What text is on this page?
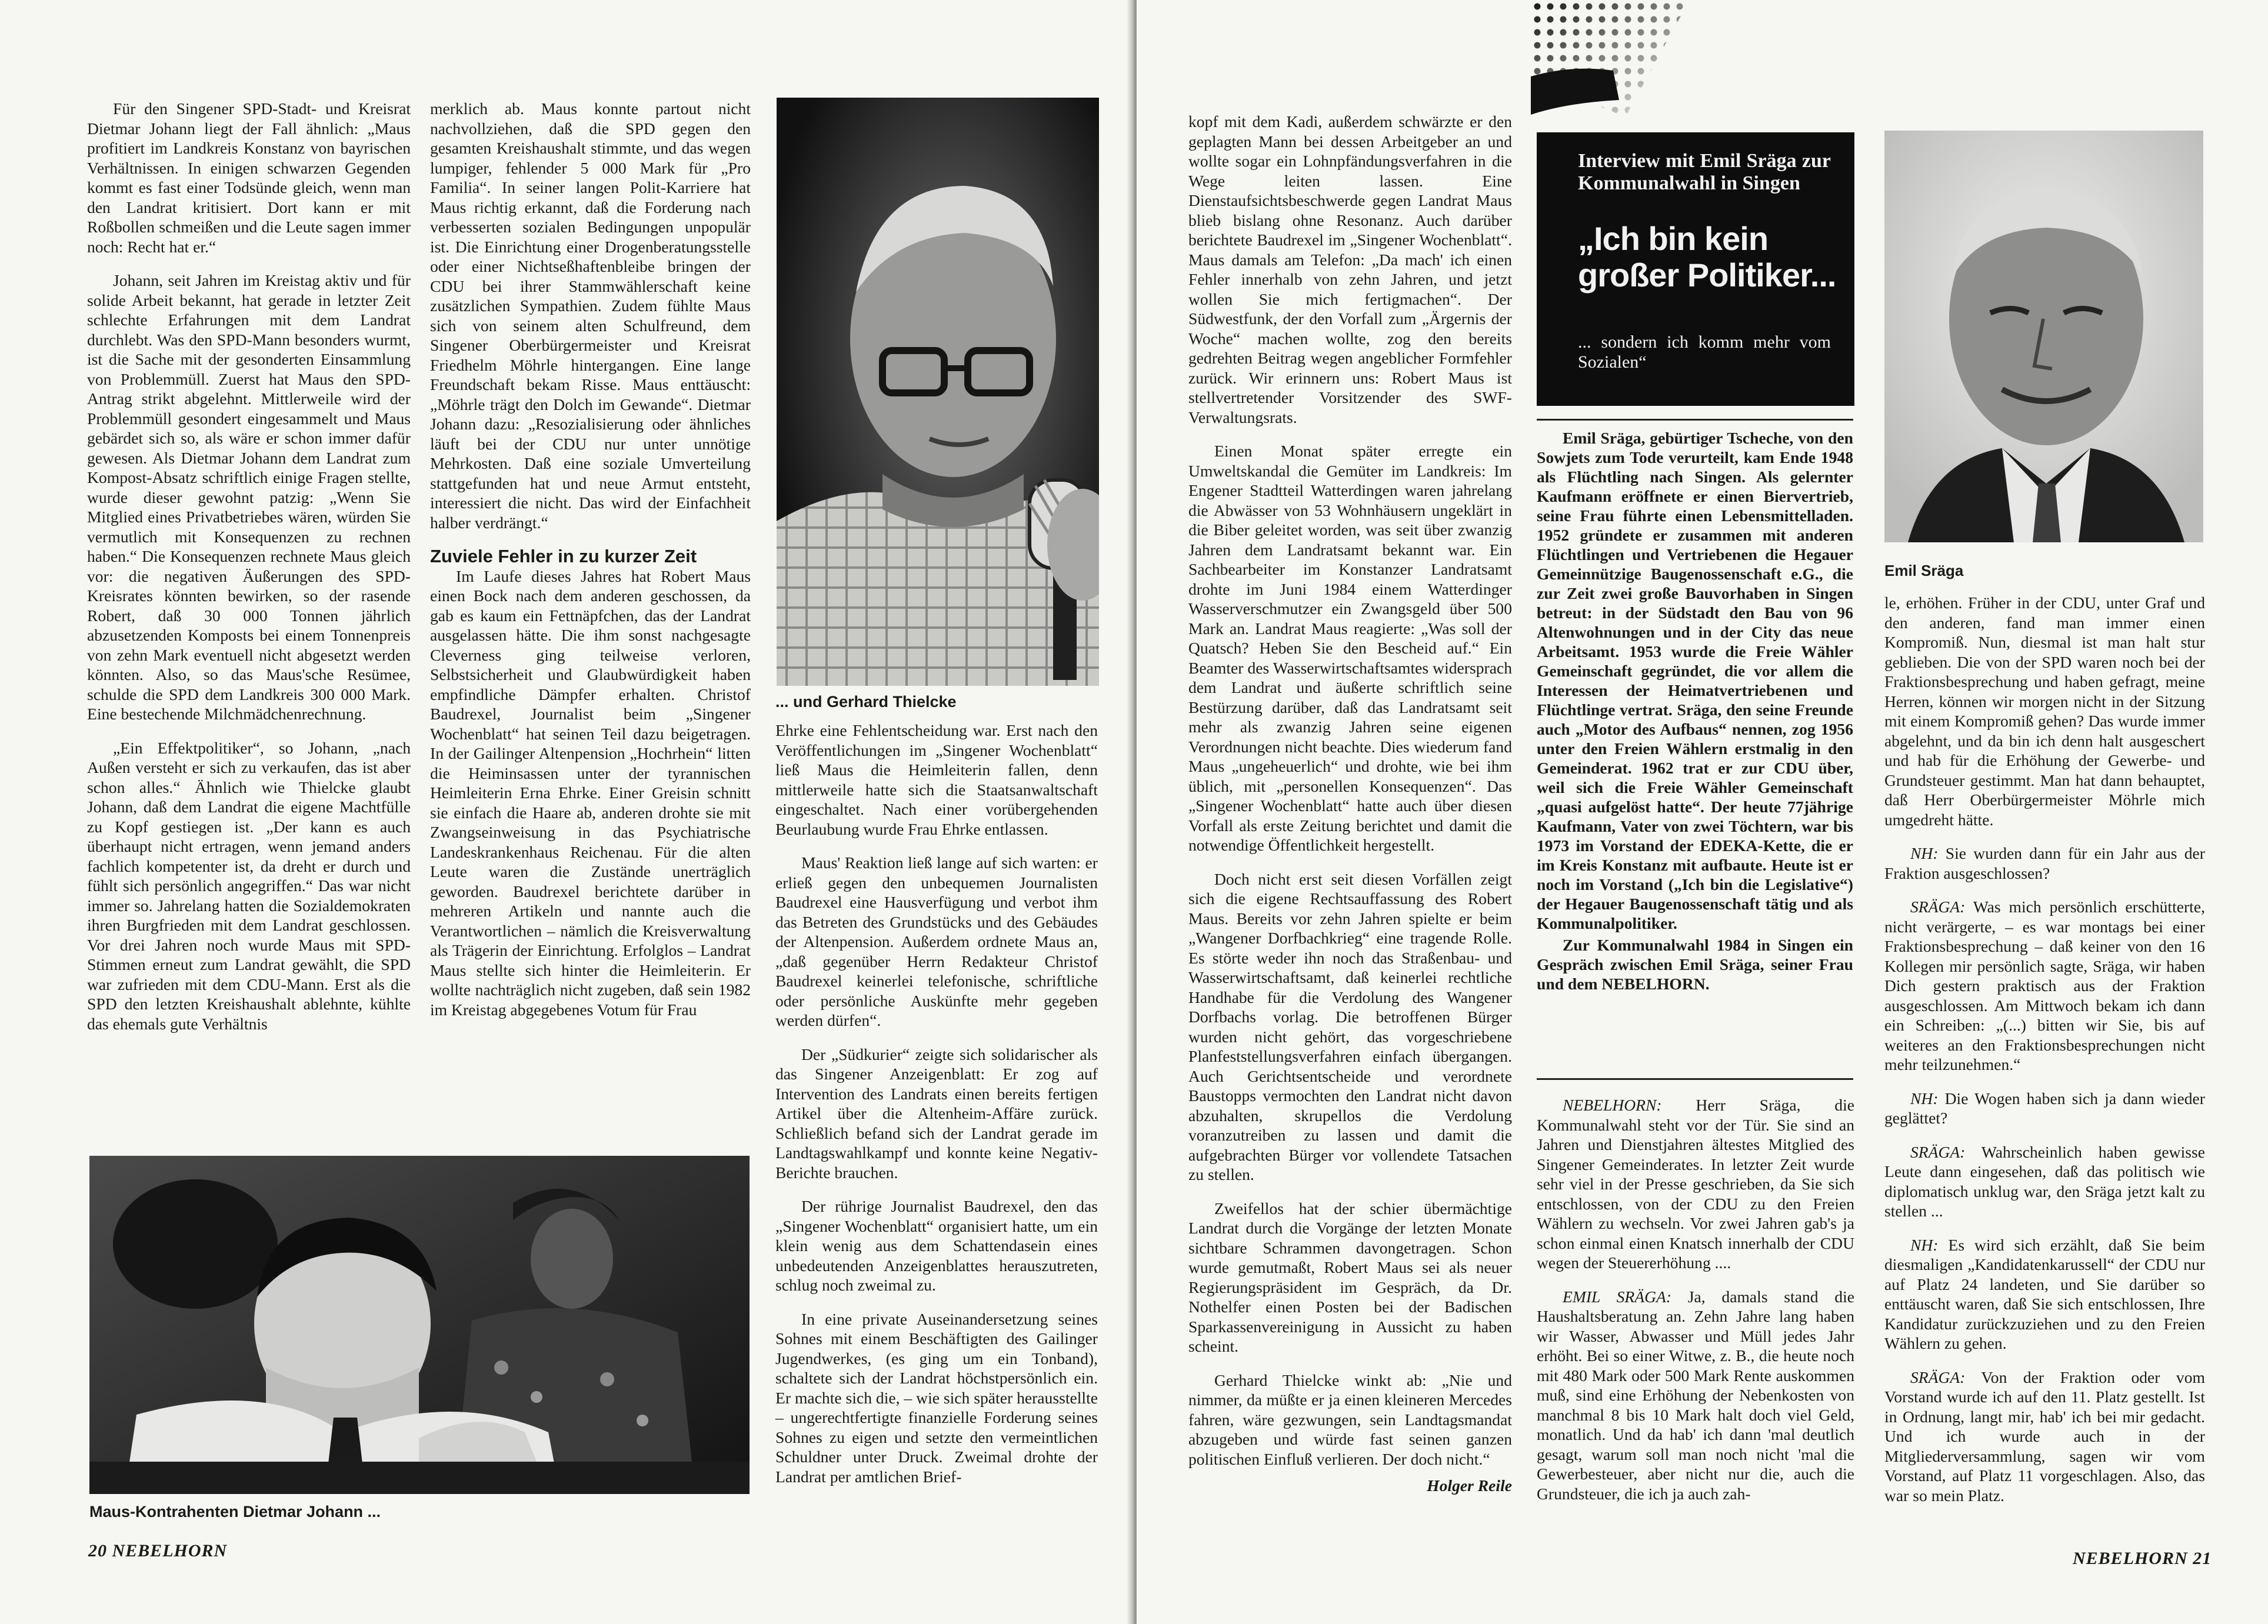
Für den Singener SPD-Stadt- und Kreisrat Dietmar Johann liegt der Fall ähnlich: „Maus profitiert im Landkreis Konstanz von bayrischen Verhältnissen. In einigen schwarzen Gegenden kommt es fast einer Todsünde gleich, wenn man den Landrat kritisiert. Dort kann er mit Roßbollen schmeißen und die Leute sagen immer noch: Recht hat er.“

Johann, seit Jahren im Kreistag aktiv und für solide Arbeit bekannt, hat gerade in letzter Zeit schlechte Erfahrungen mit dem Landrat durchlebt. Was den SPD-Mann besonders wurmt, ist die Sache mit der gesonderten Einsammlung von Problemmüll. Zuerst hat Maus den SPD-Antrag strikt abgelehnt. Mittlerweile wird der Problemmüll gesondert eingesammelt und Maus gebärdet sich so, als wäre er schon immer dafür gewesen. Als Dietmar Johann dem Landrat zum Kompost-Absatz schriftlich einige Fragen stellte, wurde dieser gewohnt patzig: „Wenn Sie Mitglied eines Privatbetriebes wären, würden Sie vermutlich mit Konsequenzen zu rechnen haben.“ Die Konsequenzen rechnete Maus gleich vor: die negativen Äußerungen des SPD-Kreisrates könnten bewirken, so der rasende Robert, daß 30 000 Tonnen jährlich abzusetzenden Komposts bei einem Tonnenpreis von zehn Mark eventuell nicht abgesetzt werden könnten. Also, so das Maus'sche Resümee, schulde die SPD dem Landkreis 300 000 Mark. Eine bestechende Milchmädchenrechnung.

„Ein Effektpolitiker“, so Johann, „nach Außen versteht er sich zu verkaufen, das ist aber schon alles.“ Ähnlich wie Thielcke glaubt Johann, daß dem Landrat die eigene Machtfülle zu Kopf gestiegen ist. „Der kann es auch überhaupt nicht ertragen, wenn jemand anders fachlich kompetenter ist, da dreht er durch und fühlt sich persönlich angegriffen.“ Das war nicht immer so. Jahrelang hatten die Sozialdemokraten ihren Burgfrieden mit dem Landrat geschlossen. Vor drei Jahren noch wurde Maus mit SPD-Stimmen erneut zum Landrat gewählt, die SPD war zufrieden mit dem CDU-Mann. Erst als die SPD den letzten Kreishaushalt ablehnte, kühlte das ehemals gute Verhältnis

merklich ab. Maus konnte partout nicht nachvollziehen, daß die SPD gegen den gesamten Kreishaushalt stimmte, und das wegen lumpiger, fehlender 5 000 Mark für „Pro Familia“. In seiner langen Polit-Karriere hat Maus richtig erkannt, daß die Forderung nach verbesserten sozialen Bedingungen unpopulär ist. Die Einrichtung einer Drogenberatungsstelle oder einer Nichtseßhaftenbleibe bringen der CDU bei ihrer Stammwählerschaft keine zusätzlichen Sympathien. Zudem fühlte Maus sich von seinem alten Schulfreund, dem Singener Oberbürgermeister und Kreisrat Friedhelm Möhrle hintergangen. Eine lange Freundschaft bekam Risse. Maus enttäuscht: „Möhrle trägt den Dolch im Gewande“. Dietmar Johann dazu: „Resozialisierung oder ähnliches läuft bei der CDU nur unter unnötige Mehrkosten. Daß eine soziale Umverteilung stattgefunden hat und neue Armut entsteht, interessiert die nicht. Das wird der Einfachheit halber verdrängt.“

Zuviele Fehler in zu kurzer Zeit

Im Laufe dieses Jahres hat Robert Maus einen Bock nach dem anderen geschossen, da gab es kaum ein Fettnäpfchen, das der Landrat ausgelassen hätte. Die ihm sonst nachgesagte Cleverness ging teilweise verloren, Selbstsicherheit und Glaubwürdigkeit haben empfindliche Dämpfer erhalten. Christof Baudrexel, Journalist beim „Singener Wochenblatt“ hat seinen Teil dazu beigetragen. In der Gailinger Altenpension „Hochrhein“ litten die Heiminsassen unter der tyrannischen Heimleiterin Erna Ehrke. Einer Greisin schnitt sie einfach die Haare ab, anderen drohte sie mit Zwangseinweisung in das Psychiatrische Landeskrankenhaus Reichenau. Für die alten Leute waren die Zustände unerträglich geworden. Baudrexel berichtete darüber in mehreren Artikeln und nannte auch die Verantwortlichen – nämlich die Kreisverwaltung als Trägerin der Einrichtung. Erfolglos – Landrat Maus stellte sich hinter die Heimleiterin. Er wollte nachträglich nicht zugeben, daß sein 1982 im Kreistag abgegebenes Votum für Frau

Ehrke eine Fehlentscheidung war. Erst nach den Veröffentlichungen im „Singener Wochenblatt“ ließ Maus die Heimleiterin fallen, denn mittlerweile hatte sich die Staatsanwaltschaft eingeschaltet. Nach einer vorübergehenden Beurlaubung wurde Frau Ehrke entlassen.

Maus' Reaktion ließ lange auf sich warten: er erließ gegen den unbequemen Journalisten Baudrexel eine Hausverfügung und verbot ihm das Betreten des Grundstücks und des Gebäudes der Altenpension. Außerdem ordnete Maus an, „daß gegenüber Herrn Redakteur Christof Baudrexel keinerlei telefonische, schriftliche oder persönliche Auskünfte mehr gegeben werden dürfen“.

Der „Südkurier“ zeigte sich solidarischer als das Singener Anzeigenblatt: Er zog auf Intervention des Landrats einen bereits fertigen Artikel über die Altenheim-Affäre zurück. Schließlich befand sich der Landrat gerade im Landtagswahlkampf und konnte keine Negativ-Berichte brauchen.

Der rührige Journalist Baudrexel, den das „Singener Wochenblatt“ organisiert hatte, um ein klein wenig aus dem Schattendasein eines unbedeutenden Anzeigenblattes herauszutreten, schlug noch zweimal zu.

In eine private Auseinandersetzung seines Sohnes mit einem Beschäftigten des Gailinger Jugendwerkes, (es ging um ein Tonband), schaltete sich der Landrat höchstpersönlich ein. Er machte sich die, – wie sich später herausstellte – ungerechtfertigte finanzielle Forderung seines Sohnes zu eigen und setzte den vermeintlichen Schuldner unter Druck. Zweimal drohte der Landrat per amtlichen Brief-

... und Gerhard Thielcke
Maus-Kontrahenten Dietmar Johann ...
20 NEBELHORN

kopf mit dem Kadi, außerdem schwärzte er den geplagten Mann bei dessen Arbeitgeber an und wollte sogar ein Lohnpfändungsverfahren in die Wege leiten lassen. Eine Dienstaufsichtsbeschwerde gegen Landrat Maus blieb bislang ohne Resonanz. Auch darüber berichtete Baudrexel im „Singener Wochenblatt“. Maus damals am Telefon: „Da mach' ich einen Fehler innerhalb von zehn Jahren, und jetzt wollen Sie mich fertigmachen“. Der Südwestfunk, der den Vorfall zum „Ärgernis der Woche“ machen wollte, zog den bereits gedrehten Beitrag wegen angeblicher Formfehler zurück. Wir erinnern uns: Robert Maus ist stellvertretender Vorsitzender des SWF-Verwaltungsrats.

Einen Monat später erregte ein Umweltskandal die Gemüter im Landkreis: Im Engener Stadtteil Watterdingen waren jahrelang die Abwässer von 53 Wohnhäusern ungeklärt in die Biber geleitet worden, was seit über zwanzig Jahren dem Landratsamt bekannt war. Ein Sachbearbeiter im Konstanzer Landratsamt drohte im Juni 1984 einem Watterdinger Wasserverschmutzer ein Zwangsgeld über 500 Mark an. Landrat Maus reagierte: „Was soll der Quatsch? Heben Sie den Bescheid auf.“ Ein Beamter des Wasserwirtschaftsamtes widersprach dem Landrat und äußerte schriftlich seine Bestürzung darüber, daß das Landratsamt seit mehr als zwanzig Jahren seine eigenen Verordnungen nicht beachte. Dies wiederum fand Maus „ungeheuerlich“ und drohte, wie bei ihm üblich, mit „personellen Konsequenzen“. Das „Singener Wochenblatt“ hatte auch über diesen Vorfall als erste Zeitung berichtet und damit die notwendige Öffentlichkeit hergestellt.

Doch nicht erst seit diesen Vorfällen zeigt sich die eigene Rechtsauffassung des Robert Maus. Bereits vor zehn Jahren spielte er beim „Wangener Dorfbachkrieg“ eine tragende Rolle. Es störte weder ihn noch das Straßenbau- und Wasserwirtschaftsamt, daß keinerlei rechtliche Handhabe für die Verdolung des Wangener Dorfbachs vorlag. Die betroffenen Bürger wurden nicht gehört, das vorgeschriebene Planfeststellungsverfahren einfach übergangen. Auch Gerichtsentscheide und verordnete Baustopps vermochten den Landrat nicht davon abzuhalten, skrupellos die Verdolung voranzutreiben zu lassen und damit die aufgebrachten Bürger vor vollendete Tatsachen zu stellen.

Zweifellos hat der schier übermächtige Landrat durch die Vorgänge der letzten Monate sichtbare Schrammen davongetragen. Schon wurde gemutmaßt, Robert Maus sei als neuer Regierungspräsident im Gespräch, da Dr. Nothelfer einen Posten bei der Badischen Sparkassenvereinigung in Aussicht zu haben scheint.

Gerhard Thielcke winkt ab: „Nie und nimmer, da müßte er ja einen kleineren Mercedes fahren, wäre gezwungen, sein Landtagsmandat abzugeben und würde fast seinen ganzen politischen Einfluß verlieren. Der doch nicht.“

Holger Reile

Interview mit Emil Sräga zur Kommunalwahl in Singen
„Ich bin kein großer Politiker...
... sondern ich komm mehr vom Sozialen“
Emil Sräga

Emil Sräga, gebürtiger Tscheche, von den Sowjets zum Tode verurteilt, kam Ende 1948 als Flüchtling nach Singen. Als gelernter Kaufmann eröffnete er einen Biervertrieb, seine Frau führte einen Lebensmittelladen. 1952 gründete er zusammen mit anderen Flüchtlingen und Vertriebenen die Hegauer Gemeinnützige Baugenossenschaft e.G., die zur Zeit zwei große Bauvorhaben in Singen betreut: in der Südstadt den Bau von 96 Altenwohnungen und in der City das neue Arbeitsamt. 1953 wurde die Freie Wähler Gemeinschaft gegründet, die vor allem die Interessen der Heimatvertriebenen und Flüchtlinge vertrat. Sräga, den seine Freunde auch „Motor des Aufbaus“ nennen, zog 1956 unter den Freien Wählern erstmalig in den Gemeinderat. 1962 trat er zur CDU über, weil sich die Freie Wähler Gemeinschaft „quasi aufgelöst hatte“. Der heute 77jährige Kaufmann, Vater von zwei Töchtern, war bis 1973 im Vorstand der EDEKA-Kette, die er im Kreis Konstanz mit aufbaute. Heute ist er noch im Vorstand („Ich bin die Legislative“) der Hegauer Baugenossenschaft tätig und als Kommunalpolitiker.

Zur Kommunalwahl 1984 in Singen ein Gespräch zwischen Emil Sräga, seiner Frau und dem NEBELHORN.

NEBELHORN: Herr Sräga, die Kommunalwahl steht vor der Tür. Sie sind an Jahren und Dienstjahren ältestes Mitglied des Singener Gemeinderates. In letzter Zeit wurde sehr viel in der Presse geschrieben, da Sie sich entschlossen, von der CDU zu den Freien Wählern zu wechseln. Vor zwei Jahren gab's ja schon einmal einen Knatsch innerhalb der CDU wegen der Steuererhöhung ....

EMIL SRÄGA: Ja, damals stand die Haushaltsberatung an. Zehn Jahre lang haben wir Wasser, Abwasser und Müll jedes Jahr erhöht. Bei so einer Witwe, z. B., die heute noch mit 480 Mark oder 500 Mark Rente auskommen muß, sind eine Erhöhung der Nebenkosten von manchmal 8 bis 10 Mark halt doch viel Geld, monatlich. Und da hab' ich dann 'mal deutlich gesagt, warum soll man noch nicht 'mal die Gewerbesteuer, aber nicht nur die, auch die Grundsteuer, die ich ja auch zah-

le, erhöhen. Früher in der CDU, unter Graf und den anderen, fand man immer einen Kompromiß. Nun, diesmal ist man halt stur geblieben. Die von der SPD waren noch bei der Fraktionsbesprechung und haben gefragt, meine Herren, können wir morgen nicht in der Sitzung mit einem Kompromiß gehen? Das wurde immer abgelehnt, und da bin ich denn halt ausgeschert und hab für die Erhöhung der Gewerbe- und Grundsteuer gestimmt. Man hat dann behauptet, daß Herr Oberbürgermeister Möhrle mich umgedreht hätte.

NH: Sie wurden dann für ein Jahr aus der Fraktion ausgeschlossen?

SRÄGA: Was mich persönlich erschütterte, nicht verärgerte, – es war montags bei einer Fraktionsbesprechung – daß keiner von den 16 Kollegen mir persönlich sagte, Sräga, wir haben Dich gestern praktisch aus der Fraktion ausgeschlossen. Am Mittwoch bekam ich dann ein Schreiben: „(...) bitten wir Sie, bis auf weiteres an den Fraktionsbesprechungen nicht mehr teilzunehmen.“

NH: Die Wogen haben sich ja dann wieder geglättet?

SRÄGA: Wahrscheinlich haben gewisse Leute dann eingesehen, daß das politisch wie diplomatisch unklug war, den Sräga jetzt kalt zu stellen ...

NH: Es wird sich erzählt, daß Sie beim diesmaligen „Kandidatenkarussell“ der CDU nur auf Platz 24 landeten, und Sie darüber so enttäuscht waren, daß Sie sich entschlossen, Ihre Kandidatur zurückzuziehen und zu den Freien Wählern zu gehen.

SRÄGA: Von der Fraktion oder vom Vorstand wurde ich auf den 11. Platz gestellt. Ist in Ordnung, langt mir, hab' ich bei mir gedacht. Und ich wurde auch in der Mitgliederversammlung, sagen wir vom Vorstand, auf Platz 11 vorgeschlagen. Also, das war so mein Platz.

NEBELHORN 21
